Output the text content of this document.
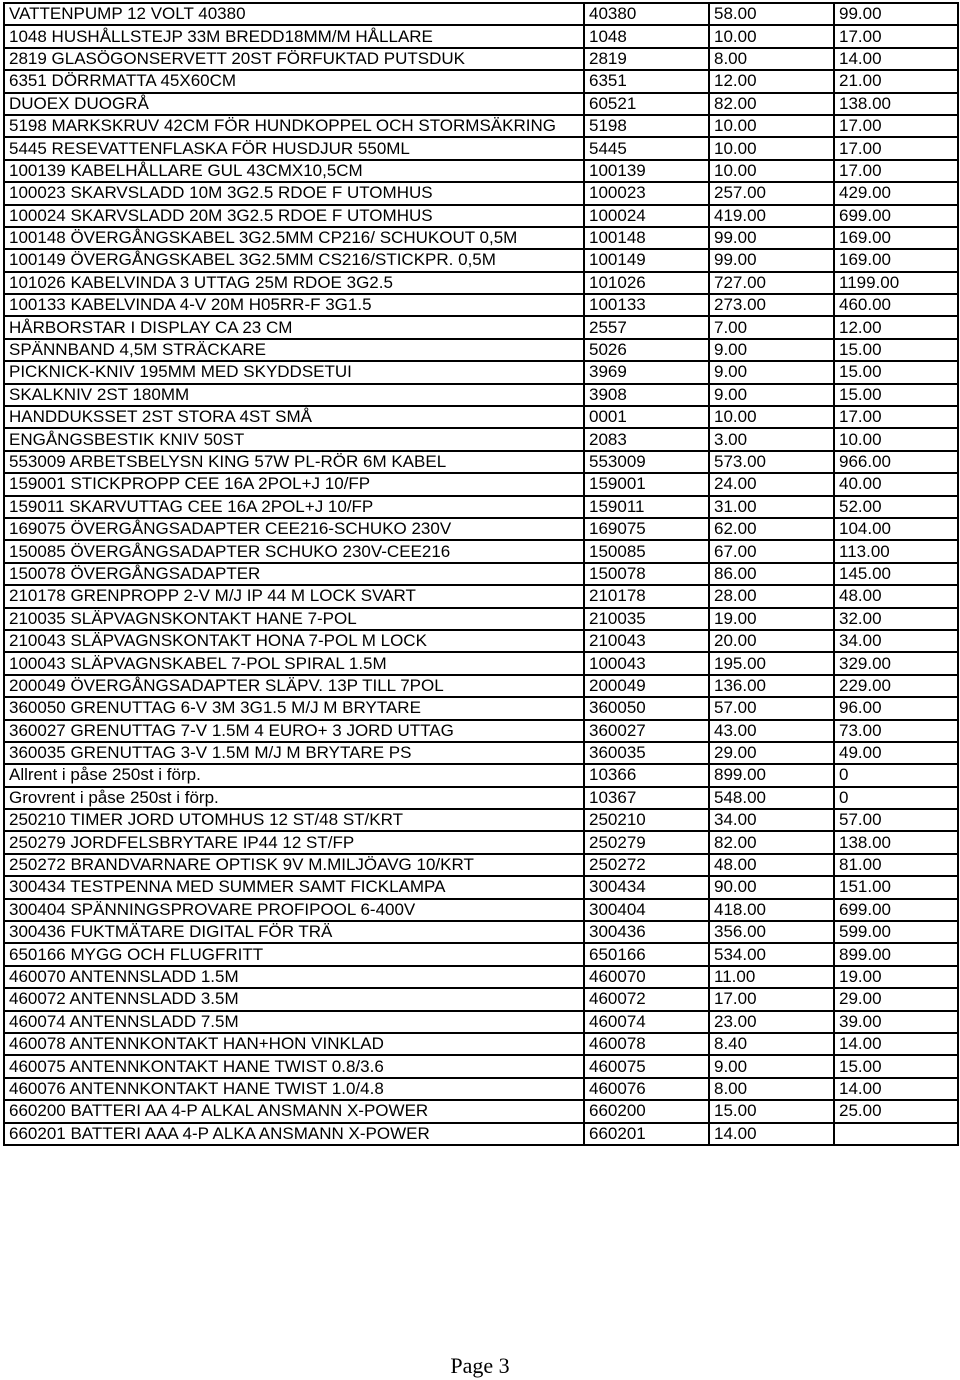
VATTENPUMP 12 VOLT 40380	40380	58.00	99.00
1048 HUSHÅLLSTEJP 33M BREDD18MM/M HÅLLARE	1048	10.00	17.00
2819 GLASÖGONSERVETT 20ST FÖRFUKTAD PUTSDUK	2819	8.00	14.00
6351 DÖRRMATTA 45X60CM	6351	12.00	21.00
DUOEX DUOGRÅ	60521	82.00	138.00
5198 MARKSKRUV 42CM FÖR HUNDKOPPEL OCH STORMSÄKRING	5198	10.00	17.00
5445 RESEVATTENFLASKA FÖR HUSDJUR 550ML	5445	10.00	17.00
100139 KABELHÅLLARE GUL 43CMX10,5CM	100139	10.00	17.00
100023 SKARVSLADD 10M 3G2.5 RDOE F UTOMHUS	100023	257.00	429.00
100024 SKARVSLADD 20M 3G2.5 RDOE F UTOMHUS	100024	419.00	699.00
100148 ÖVERGÅNGSKABEL 3G2.5MM CP216/ SCHUKOUT 0,5M	100148	99.00	169.00
100149 ÖVERGÅNGSKABEL 3G2.5MM CS216/STICKPR. 0,5M	100149	99.00	169.00
101026 KABELVINDA 3 UTTAG 25M RDOE 3G2.5	101026	727.00	1199.00
100133 KABELVINDA 4-V 20M H05RR-F 3G1.5	100133	273.00	460.00
HÅRBORSTAR I DISPLAY CA 23 CM	2557	7.00	12.00
SPÄNNBAND 4,5M STRÄCKARE	5026	9.00	15.00
PICKNICK-KNIV 195MM MED SKYDDSETUI	3969	9.00	15.00
SKALKNIV 2ST 180MM	3908	9.00	15.00
HANDDUKSSET 2ST STORA 4ST SMÅ	0001	10.00	17.00
ENGÅNGSBESTIK KNIV 50ST	2083	3.00	10.00
553009 ARBETSBELYSN KING 57W PL-RÖR 6M KABEL	553009	573.00	966.00
159001 STICKPROPP CEE 16A 2POL+J 10/FP	159001	24.00	40.00
159011 SKARVUTTAG CEE 16A 2POL+J 10/FP	159011	31.00	52.00
169075 ÖVERGÅNGSADAPTER CEE216-SCHUKO 230V	169075	62.00	104.00
150085 ÖVERGÅNGSADAPTER SCHUKO 230V-CEE216	150085	67.00	113.00
150078 ÖVERGÅNGSADAPTER	150078	86.00	145.00
210178 GRENPROPP 2-V M/J IP 44 M LOCK SVART	210178	28.00	48.00
210035 SLÄPVAGNSKONTAKT HANE 7-POL	210035	19.00	32.00
210043 SLÄPVAGNSKONTAKT HONA 7-POL M LOCK	210043	20.00	34.00
100043 SLÄPVAGNSKABEL 7-POL SPIRAL 1.5M	100043	195.00	329.00
200049 ÖVERGÅNGSADAPTER SLÄPV. 13P TILL 7POL	200049	136.00	229.00
360050 GRENUTTAG 6-V 3M 3G1.5 M/J M BRYTARE	360050	57.00	96.00
360027 GRENUTTAG 7-V 1.5M 4 EURO+ 3 JORD UTTAG	360027	43.00	73.00
360035 GRENUTTAG 3-V 1.5M M/J M BRYTARE PS	360035	29.00	49.00
Allrent i påse 250st i förp.	10366	899.00	0
Grovrent i påse 250st i förp.	10367	548.00	0
250210 TIMER JORD UTOMHUS 12 ST/48 ST/KRT	250210	34.00	57.00
250279 JORDFELSBRYTARE IP44 12 ST/FP	250279	82.00	138.00
250272 BRANDVARNARE OPTISK 9V M.MILJÖAVG 10/KRT	250272	48.00	81.00
300434 TESTPENNA MED SUMMER SAMT FICKLAMPA	300434	90.00	151.00
300404 SPÄNNINGSPROVARE PROFIPOOL 6-400V	300404	418.00	699.00
300436 FUKTMÄTARE DIGITAL FÖR TRÄ	300436	356.00	599.00
650166 MYGG OCH FLUGFRITT	650166	534.00	899.00
460070 ANTENNSLADD 1.5M	460070	11.00	19.00
460072 ANTENNSLADD 3.5M	460072	17.00	29.00
460074 ANTENNSLADD 7.5M	460074	23.00	39.00
460078 ANTENNKONTAKT HAN+HON VINKLAD	460078	8.40	14.00
460075 ANTENNKONTAKT HANE TWIST 0.8/3.6	460075	9.00	15.00
460076 ANTENNKONTAKT HANE TWIST 1.0/4.8	460076	8.00	14.00
660200 BATTERI AA 4-P ALKAL ANSMANN X-POWER	660200	15.00	25.00
660201 BATTERI AAA 4-P ALKA ANSMANN X-POWER	660201	14.00	
Page 3
